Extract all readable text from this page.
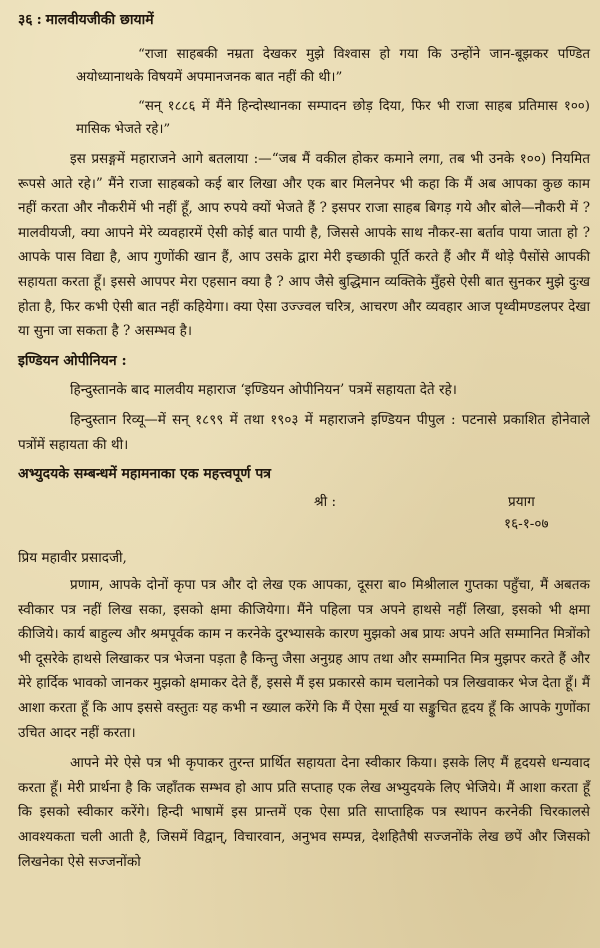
३६ : मालवीयजीकी छायामें

“राजा साहबकी नम्रता देखकर मुझे विश्वास हो गया कि उन्होंने जान-बूझकर पण्डित अयोध्यानाथके विषयमें अपमानजनक बात नहीं की थी।”

“सन् १८८६ में मैंने हिन्दोस्थानका सम्पादन छोड़ दिया, फिर भी राजा साहब प्रतिमास १००) मासिक भेजते रहे।”

इस प्रसङ्गमें महाराजने आगे बतलाया :—“जब मैं वकील होकर कमाने लगा, तब भी उनके १००) नियमित रूपसे आते रहे।” मैंने राजा साहबको कई बार लिखा और एक बार मिलनेपर भी कहा कि मैं अब आपका कुछ काम नहीं करता और नौकरीमें भी नहीं हूँ, आप रुपये क्यों भेजते हैं ? इसपर राजा साहब बिगड़ गये और बोले—नौकरी में ? मालवीयजी, क्या आपने मेरे व्यवहारमें ऐसी कोई बात पायी है, जिससे आपके साथ नौकर-सा बर्ताव पाया जाता हो ? आपके पास विद्या है, आप गुणोंकी खान हैं, आप उसके द्वारा मेरी इच्छाकी पूर्ति करते हैं और मैं थोड़े पैसोंसे आपकी सहायता करता हूँ। इससे आपपर मेरा एहसान क्या है ? आप जैसे बुद्धिमान व्यक्तिके मुँहसे ऐसी बात सुनकर मुझे दुःख होता है, फिर कभी ऐसी बात नहीं कहियेगा। क्या ऐसा उज्ज्वल चरित्र, आचरण और व्यवहार आज पृथ्वीमण्डलपर देखा या सुना जा सकता है ? असम्भव है।

इण्डियन ओपीनियन :

हिन्दुस्तानके बाद मालवीय महाराज ‘इण्डियन ओपीनियन’ पत्रमें सहायता देते रहे।

हिन्दुस्तान रिव्यू—में सन् १८९९ में तथा १९०३ में महाराजने इण्डियन पीपुल : पटनासे प्रकाशित होनेवाले पत्रोंमें सहायता की थी।

अभ्युदयके सम्बन्धमें महामनाका एक महत्त्वपूर्ण पत्र
श्री :	प्रयाग
१६-१-०७
प्रिय महावीर प्रसादजी,

प्रणाम, आपके दोनों कृपा पत्र और दो लेख एक आपका, दूसरा बा० मिश्रीलाल गुप्तका पहुँचा, मैं अबतक स्वीकार पत्र नहीं लिख सका, इसको क्षमा कीजियेगा। मैंने पहिला पत्र अपने हाथसे नहीं लिखा, इसको भी क्षमा कीजिये। कार्य बाहुल्य और श्रमपूर्वक काम न करनेके दुरभ्यासके कारण मुझको अब प्रायः अपने अति सम्मानित मित्रोंको भी दूसरेके हाथसे लिखाकर पत्र भेजना पड़ता है किन्तु जैसा अनुग्रह आप तथा और सम्मानित मित्र मुझपर करते हैं और मेरे हार्दिक भावको जानकर मुझको क्षमाकर देते हैं, इससे मैं इस प्रकारसे काम चलानेको पत्र लिखवाकर भेज देता हूँ। मैं आशा करता हूँ कि आप इससे वस्तुतः यह कभी न ख्याल करेंगे कि मैं ऐसा मूर्ख या सङ्कुचित हृदय हूँ कि आपके गुणोंका उचित आदर नहीं करता।

आपने मेरे ऐसे पत्र भी कृपाकर तुरन्त प्रार्थित सहायता देना स्वीकार किया। इसके लिए मैं हृदयसे धन्यवाद करता हूँ। मेरी प्रार्थना है कि जहाँतक सम्भव हो आप प्रति सप्ताह एक लेख अभ्युदयके लिए भेजिये। मैं आशा करता हूँ कि इसको स्वीकार करेंगे। हिन्दी भाषामें इस प्रान्तमें एक ऐसा प्रति साप्ताहिक पत्र स्थापन करनेकी चिरकालसे आवश्यकता चली आती है, जिसमें विद्वान्, विचारवान, अनुभव सम्पन्न, देशहितैषी सज्जनोंके लेख छपें और जिसको लिखनेका ऐसे सज्जनोंको
